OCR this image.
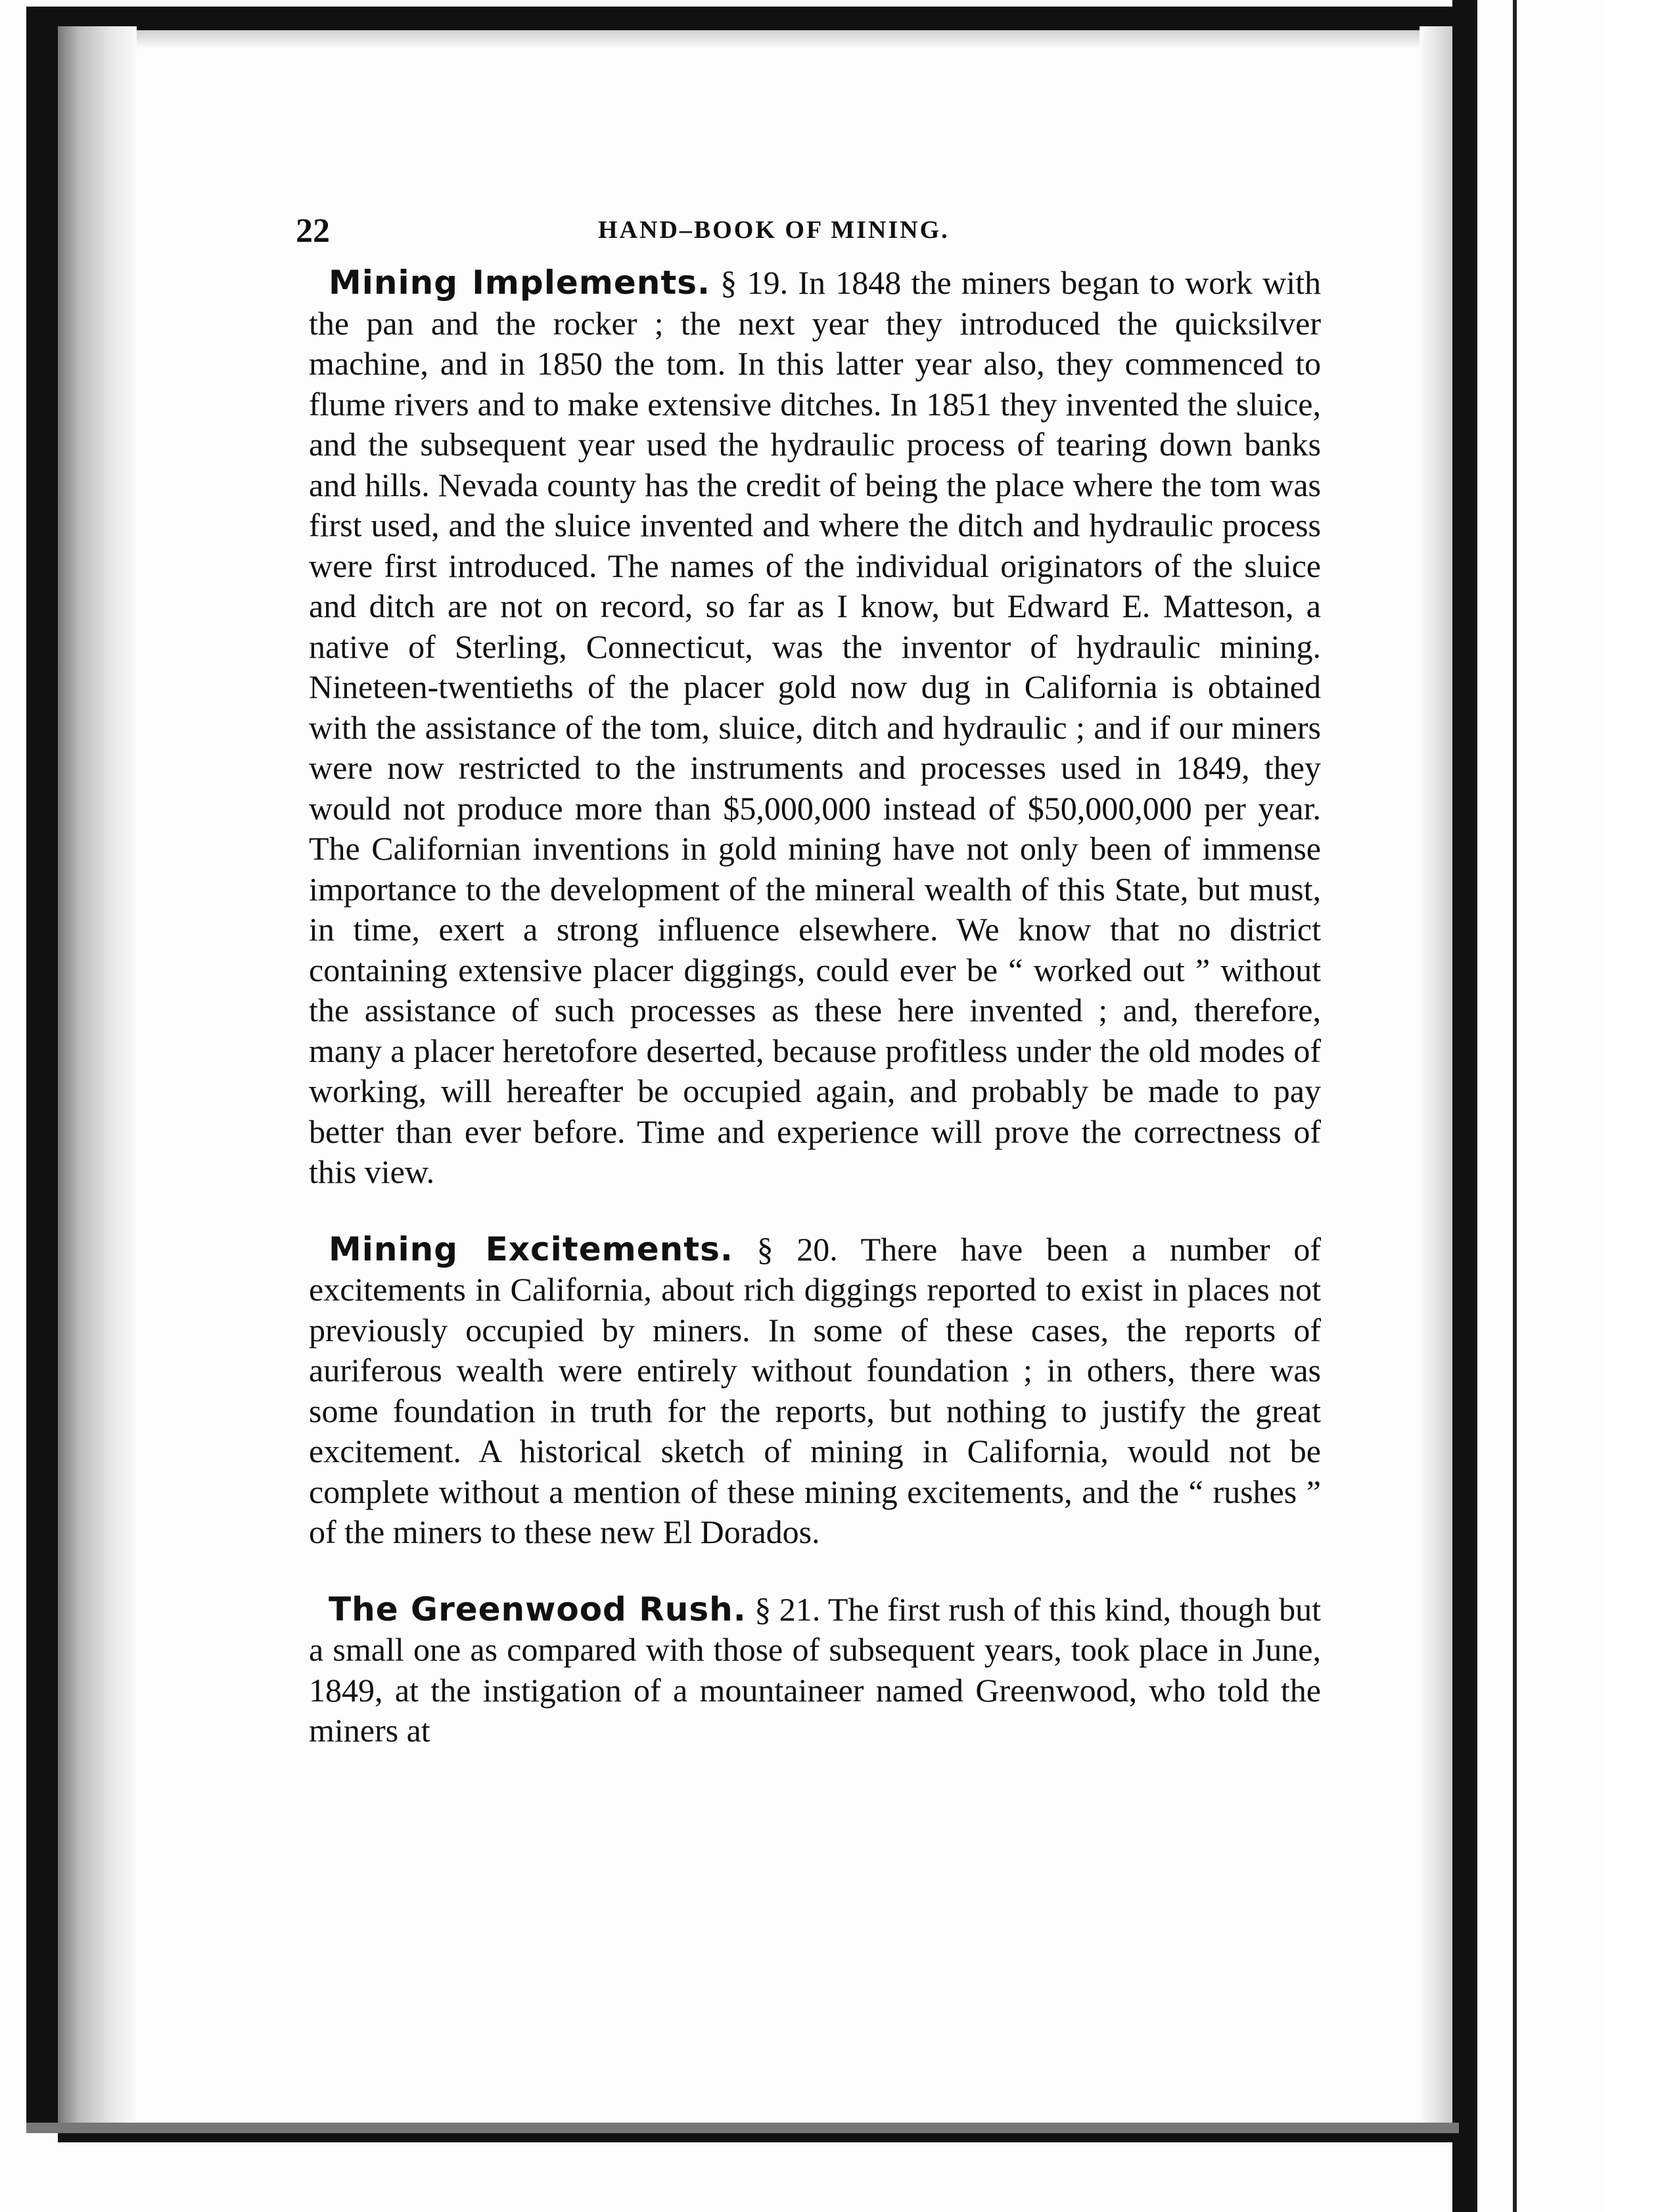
22	HAND–BOOK OF MINING.

Mining Implements. § 19. In 1848 the miners began to work with the pan and the rocker ; the next year they introduced the quicksilver machine, and in 1850 the tom. In this latter year also, they commenced to flume rivers and to make extensive ditches. In 1851 they invented the sluice, and the subsequent year used the hydraulic process of tearing down banks and hills. Nevada county has the credit of being the place where the tom was first used, and the sluice invented and where the ditch and hydraulic process were first introduced. The names of the individual originators of the sluice and ditch are not on record, so far as I know, but Edward E. Matteson, a native of Sterling, Connecticut, was the inventor of hydraulic mining. Nineteen-twentieths of the placer gold now dug in California is obtained with the assistance of the tom, sluice, ditch and hydraulic ; and if our miners were now restricted to the instruments and processes used in 1849, they would not produce more than $5,000,000 instead of $50,000,000 per year. The Californian inventions in gold mining have not only been of immense importance to the development of the mineral wealth of this State, but must, in time, exert a strong influence elsewhere. We know that no district containing extensive placer diggings, could ever be “ worked out ” without the assistance of such processes as these here invented ; and, therefore, many a placer heretofore deserted, because profitless under the old modes of working, will hereafter be occupied again, and probably be made to pay better than ever before. Time and experience will prove the correctness of this view.

Mining Excitements. § 20. There have been a number of excitements in California, about rich diggings reported to exist in places not previously occupied by miners. In some of these cases, the reports of auriferous wealth were entirely without foundation ; in others, there was some foundation in truth for the reports, but nothing to justify the great excitement. A historical sketch of mining in California, would not be complete without a mention of these mining excitements, and the “ rushes ” of the miners to these new El Dorados.

The Greenwood Rush. § 21. The first rush of this kind, though but a small one as compared with those of subsequent years, took place in June, 1849, at the instigation of a mountaineer named Greenwood, who told the miners at
